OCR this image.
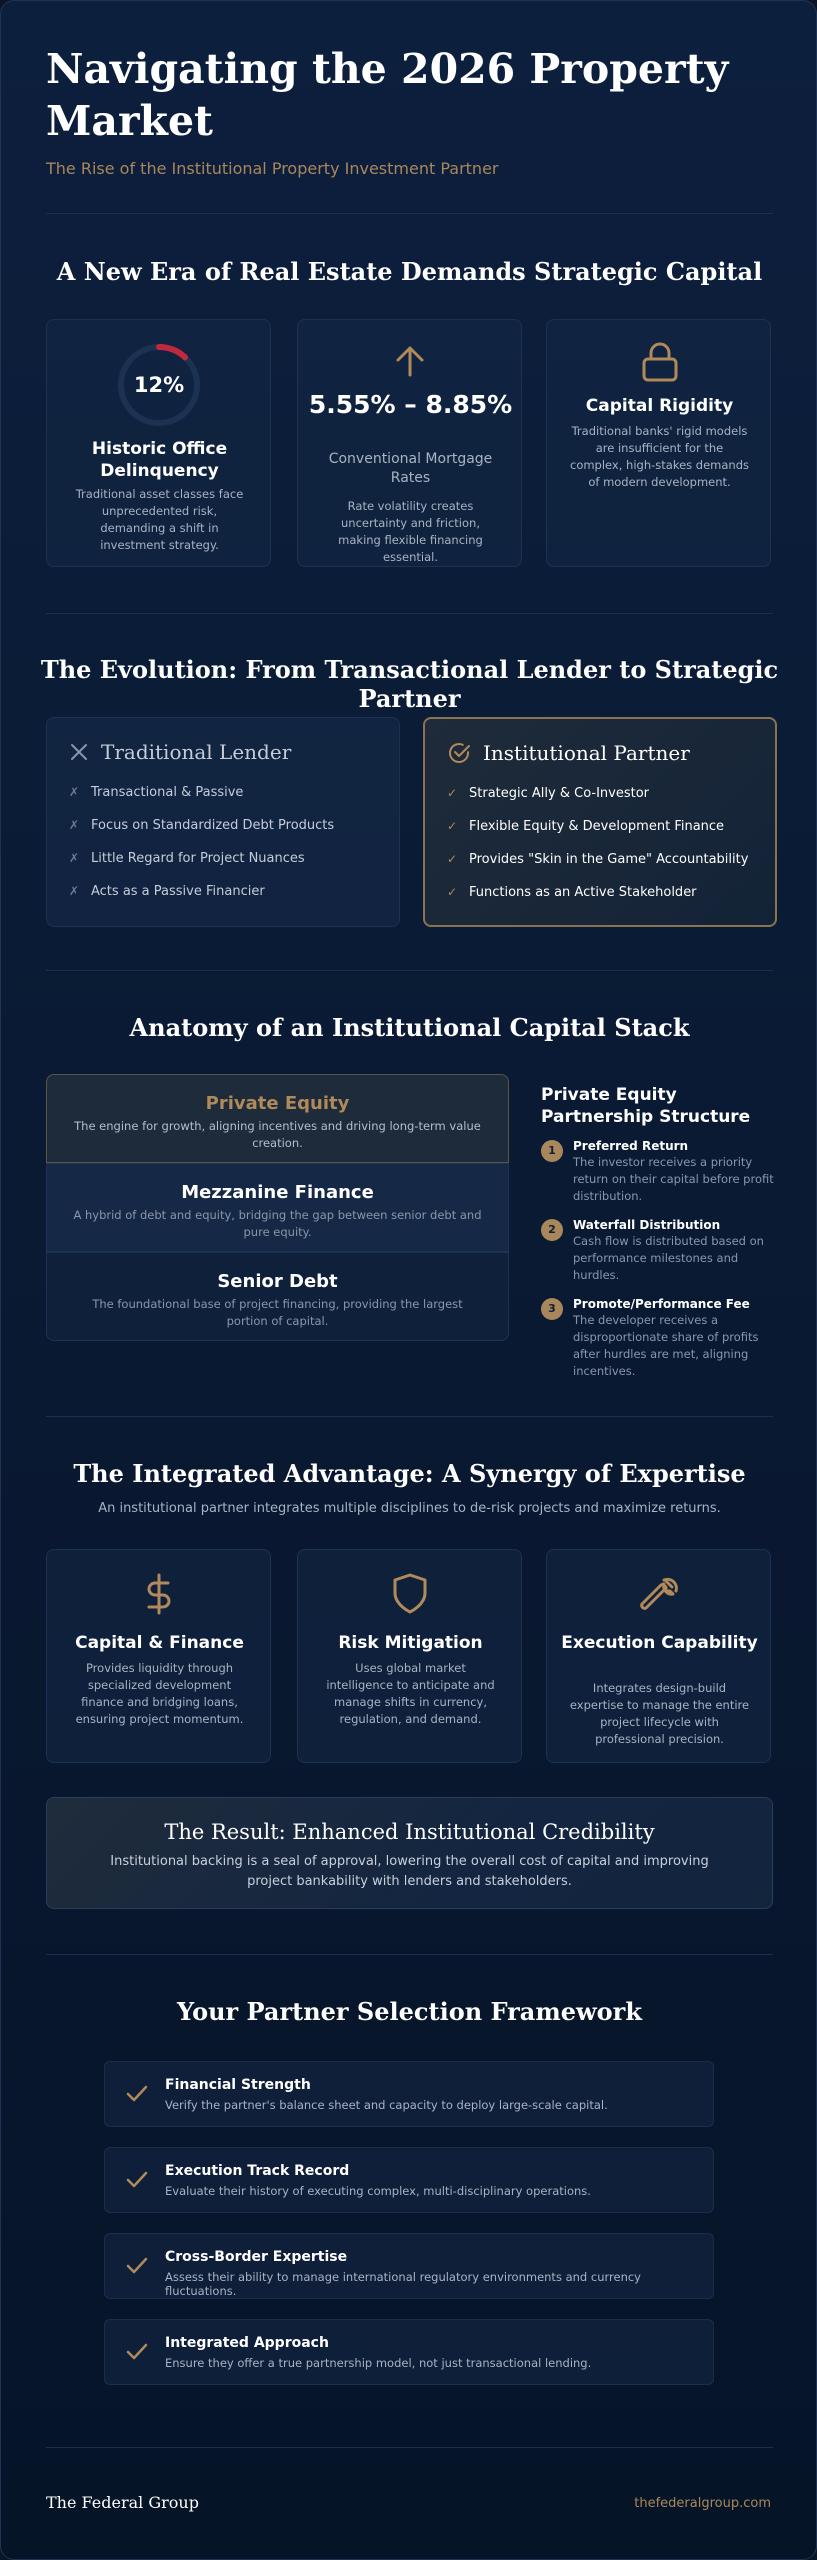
Navigating the 2026 Property Market
The Rise of the Institutional Property Investment Partner
A New Era of Real Estate Demands Strategic Capital
12%
Historic Office Delinquency
Traditional asset classes face unprecedented risk, demanding a shift in investment strategy.
5.55% – 8.85%
Conventional Mortgage Rates
Rate volatility creates uncertainty and friction, making flexible financing essential.
Capital Rigidity
Traditional banks' rigid models are insufficient for the complex, high-stakes demands of modern development.
The Evolution: From Transactional Lender to Strategic Partner
Traditional Lender
✗ Transactional & Passive
✗ Focus on Standardized Debt Products
✗ Little Regard for Project Nuances
✗ Acts as a Passive Financier
Institutional Partner
✓ Strategic Ally & Co-Investor
✓ Flexible Equity & Development Finance
✓ Provides "Skin in the Game" Accountability
✓ Functions as an Active Stakeholder
Anatomy of an Institutional Capital Stack
Private Equity
The engine for growth, aligning incentives and driving long-term value creation.
Mezzanine Finance
A hybrid of debt and equity, bridging the gap between senior debt and pure equity.
Senior Debt
The foundational base of project financing, providing the largest portion of capital.
Private Equity Partnership Structure
1	Preferred Return
The investor receives a priority return on their capital before profit distribution.
2	Waterfall Distribution
Cash flow is distributed based on performance milestones and hurdles.
3	Promote/Performance Fee
The developer receives a disproportionate share of profits after hurdles are met, aligning incentives.
The Integrated Advantage: A Synergy of Expertise
An institutional partner integrates multiple disciplines to de-risk projects and maximize returns.
Capital & Finance
Provides liquidity through specialized development finance and bridging loans, ensuring project momentum.
Risk Mitigation
Uses global market intelligence to anticipate and manage shifts in currency, regulation, and demand.
Execution Capability
Integrates design-build expertise to manage the entire project lifecycle with professional precision.
The Result: Enhanced Institutional Credibility
Institutional backing is a seal of approval, lowering the overall cost of capital and improving project bankability with lenders and stakeholders.
Your Partner Selection Framework
Financial Strength
Verify the partner's balance sheet and capacity to deploy large-scale capital.
Execution Track Record
Evaluate their history of executing complex, multi-disciplinary operations.
Cross-Border Expertise
Assess their ability to manage international regulatory environments and currency fluctuations.
Integrated Approach
Ensure they offer a true partnership model, not just transactional lending.
The Federal Group	thefederalgroup.com
